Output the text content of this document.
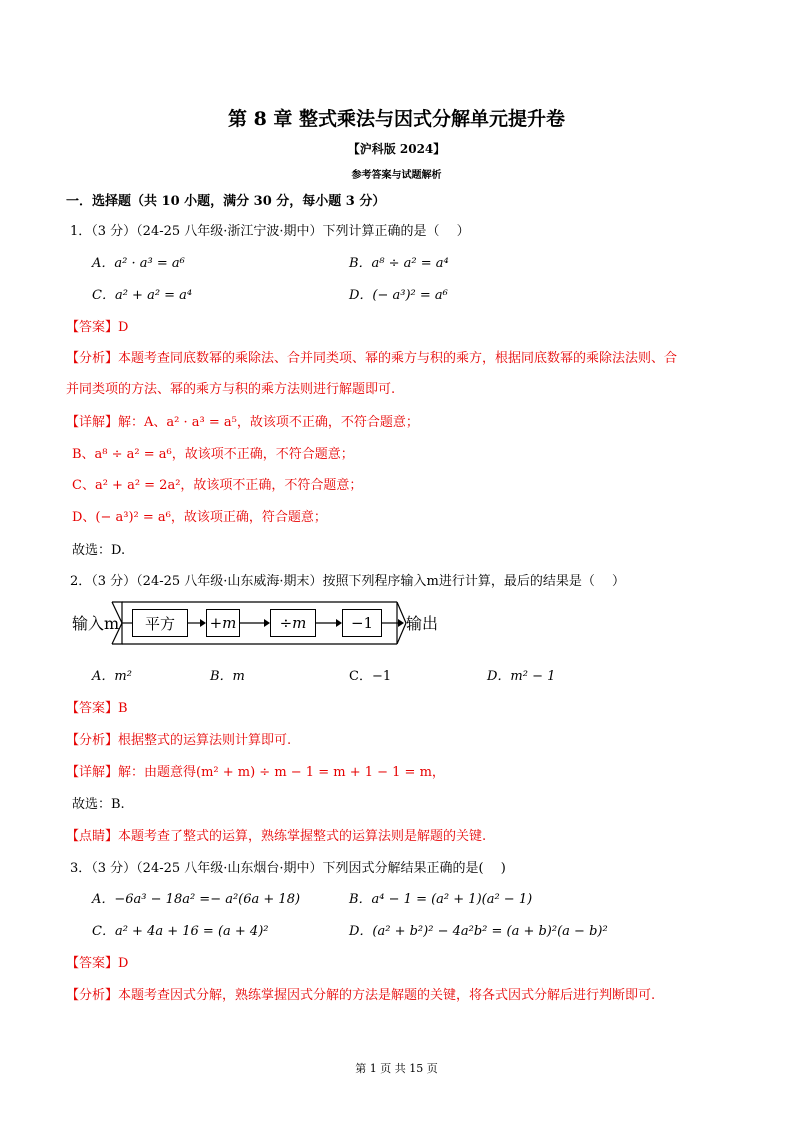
第 8 章 整式乘法与因式分解单元提升卷
【沪科版 2024】
参考答案与试题解析
一．选择题（共 10 小题，满分 30 分，每小题 3 分）
1．（3 分）（24-25 八年级·浙江宁波·期中）下列计算正确的是（　 ）
A．a² · a³ = a⁶	B．a⁸ ÷ a² = a⁴
C．a² + a² = a⁴	D．(− a³)² = a⁶
【答案】D
【分析】本题考查同底数幂的乘除法、合并同类项、幂的乘方与积的乘方，根据同底数幂的乘除法法则、合
并同类项的方法、幂的乘方与积的乘方法则进行解题即可.
【详解】解：A、a² · a³ = a⁵，故该项不正确，不符合题意；
B、a⁸ ÷ a² = a⁶，故该项不正确，不符合题意；
C、a² + a² = 2a²，故该项不正确，不符合题意；
D、(− a³)² = a⁶，故该项正确，符合题意；
故选：D.
2．（3 分）（24-25 八年级·山东威海·期末）按照下列程序输入m进行计算，最后的结果是（　 ）
输入m	平方	+m	÷m	−1	输出
A．m²	B．m	C．−1	D．m² − 1
【答案】B
【分析】根据整式的运算法则计算即可.
【详解】解：由题意得(m² + m) ÷ m − 1 = m + 1 − 1 = m，
故选：B.
【点睛】本题考查了整式的运算，熟练掌握整式的运算法则是解题的关键.
3．（3 分）（24-25 八年级·山东烟台·期中）下列因式分解结果正确的是(　 )
A．−6a³ − 18a² =− a²(6a + 18)	B．a⁴ − 1 = (a² + 1)(a² − 1)
C．a² + 4a + 16 = (a + 4)²	D．(a² + b²)² − 4a²b² = (a + b)²(a − b)²
【答案】D
【分析】本题考查因式分解，熟练掌握因式分解的方法是解题的关键，将各式因式分解后进行判断即可.
第 1 页 共 15 页
